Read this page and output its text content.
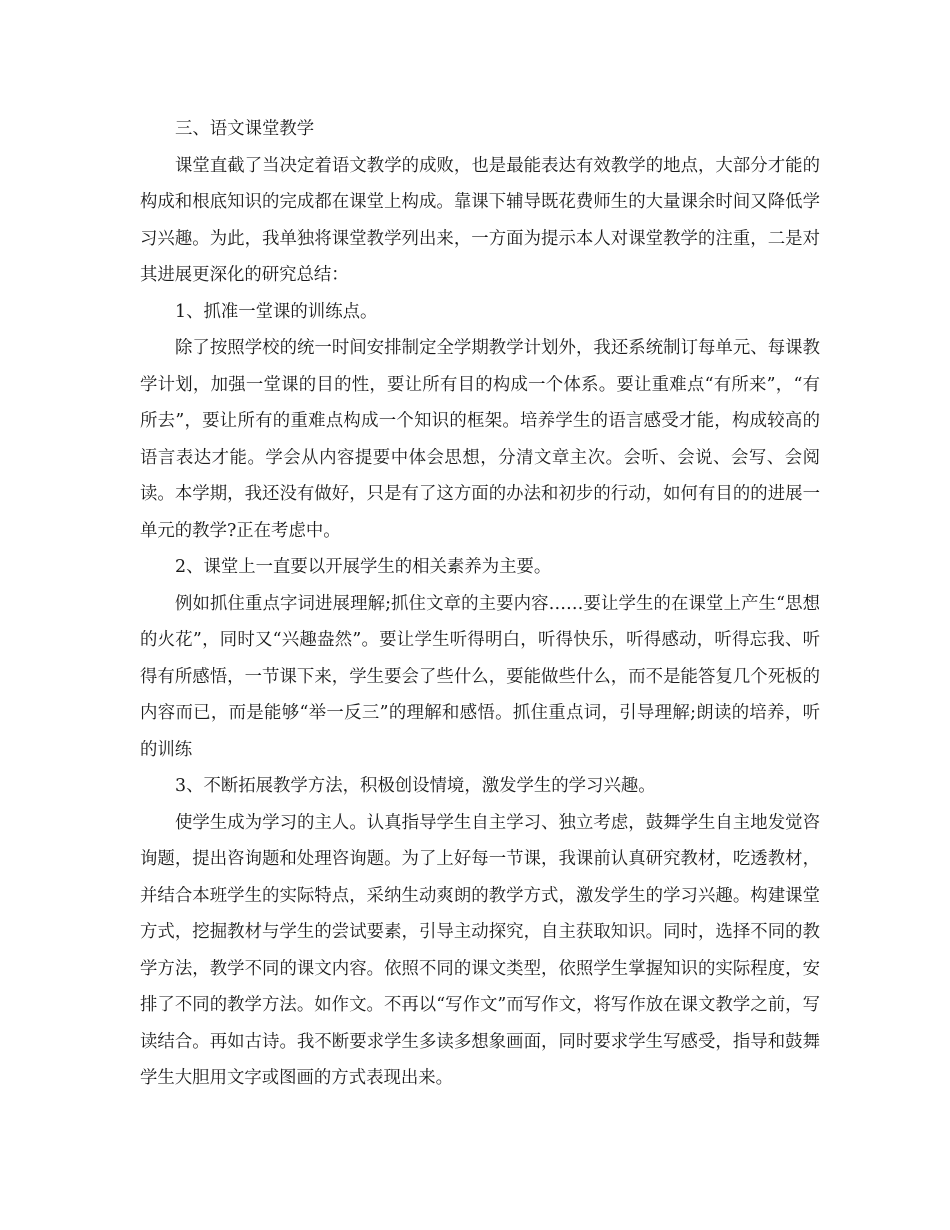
三、语文课堂教学

课堂直截了当决定着语文教学的成败，也是最能表达有效教学的地点，大部分才能的构成和根底知识的完成都在课堂上构成。靠课下辅导既花费师生的大量课余时间又降低学习兴趣。为此，我单独将课堂教学列出来，一方面为提示本人对课堂教学的注重，二是对其进展更深化的研究总结：

1、抓准一堂课的训练点。

除了按照学校的统一时间安排制定全学期教学计划外，我还系统制订每单元、每课教学计划，加强一堂课的目的性，要让所有目的构成一个体系。要让重难点“有所来”，“有所去”，要让所有的重难点构成一个知识的框架。培养学生的语言感受才能，构成较高的语言表达才能。学会从内容提要中体会思想，分清文章主次。会听、会说、会写、会阅读。本学期，我还没有做好，只是有了这方面的办法和初步的行动，如何有目的的进展一单元的教学?正在考虑中。

2、课堂上一直要以开展学生的相关素养为主要。

例如抓住重点字词进展理解;抓住文章的主要内容……要让学生的在课堂上产生“思想的火花”，同时又“兴趣盎然”。要让学生听得明白，听得快乐，听得感动，听得忘我、听得有所感悟，一节课下来，学生要会了些什么，要能做些什么，而不是能答复几个死板的内容而已，而是能够“举一反三”的理解和感悟。抓住重点词，引导理解;朗读的培养，听的训练

3、不断拓展教学方法，积极创设情境，激发学生的学习兴趣。

使学生成为学习的主人。认真指导学生自主学习、独立考虑，鼓舞学生自主地发觉咨询题，提出咨询题和处理咨询题。为了上好每一节课，我课前认真研究教材，吃透教材，并结合本班学生的实际特点，采纳生动爽朗的教学方式，激发学生的学习兴趣。构建课堂方式，挖掘教材与学生的尝试要素，引导主动探究，自主获取知识。同时，选择不同的教学方法，教学不同的课文内容。依照不同的课文类型，依照学生掌握知识的实际程度，安排了不同的教学方法。如作文。不再以“写作文”而写作文，将写作放在课文教学之前，写读结合。再如古诗。我不断要求学生多读多想象画面，同时要求学生写感受，指导和鼓舞学生大胆用文字或图画的方式表现出来。
